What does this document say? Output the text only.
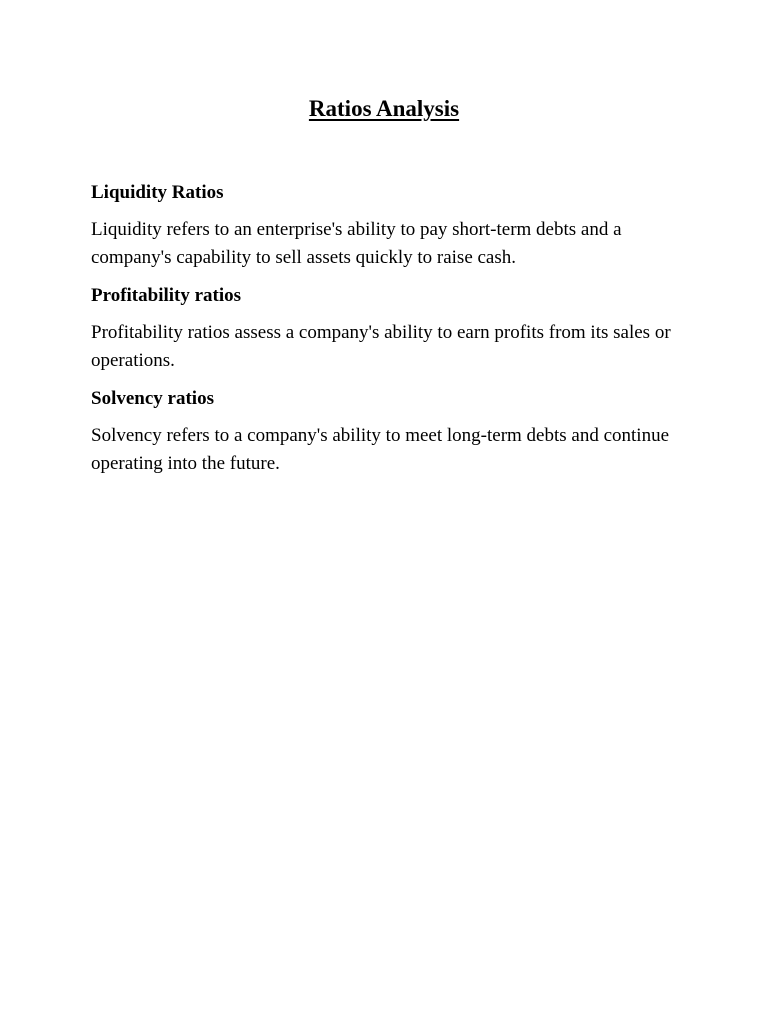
Ratios Analysis
Liquidity Ratios

Liquidity refers to an enterprise's ability to pay short-term debts and a company's capability to sell assets quickly to raise cash.

Profitability ratios

Profitability ratios assess a company's ability to earn profits from its sales or operations.

Solvency ratios

Solvency refers to a company's ability to meet long-term debts and continue operating into the future.
